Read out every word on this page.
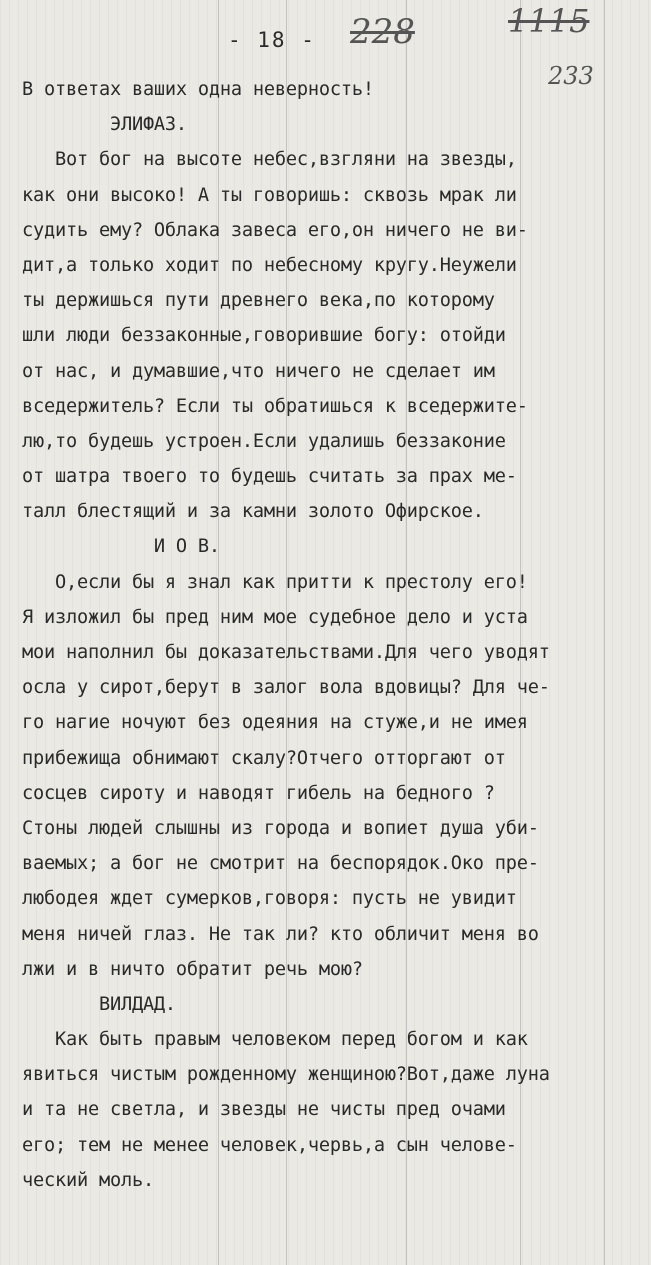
- 18 - 228	1115
233
В ответах ваших одна неверность!
ЭЛИФАЗ.
Вот бог на высоте небес,взгляни на звезды,
как они высоко! А ты говоришь: сквозь мрак ли
судить ему? Облака завеса его,он ничего не ви-
дит,а только ходит по небесному кругу.Неужели
ты держишься пути древнего века,по которому
шли люди беззаконные,говорившие богу: отойди
от нас, и думавшие,что ничего не сделает им
вседержитель? Если ты обратишься к вседержите-
лю,то будешь устроен.Если удалишь беззаконие
от шатра твоего то будешь считать за прах ме-
талл блестящий и за камни золото Офирское.
И О В.
О,если бы я знал как притти к престолу его!
Я изложил бы пред ним мое судебное дело и уста
мои наполнил бы доказательствами.Для чего уводят
осла у сирот,берут в залог вола вдовицы? Для че-
го нагие ночуют без одеяния на стуже,и не имея
прибежища обнимают скалу?Отчего отторгают от
сосцев сироту и наводят гибель на бедного ?
Стоны людей слышны из города и вопиет душа уби-
ваемых; а бог не смотрит на беспорядок.Око пре-
любодея ждет сумерков,говоря: пусть не увидит
меня ничей глаз. Не так ли? кто обличит меня во
лжи и в ничто обратит речь мою?
ВИЛДАД.
Как быть правым человеком перед богом и как
явиться чистым рожденному женщиною?Вот,даже луна
и та не светла, и звезды не чисты пред очами
его; тем не менее человек,червь,а сын челове-
ческий моль.
